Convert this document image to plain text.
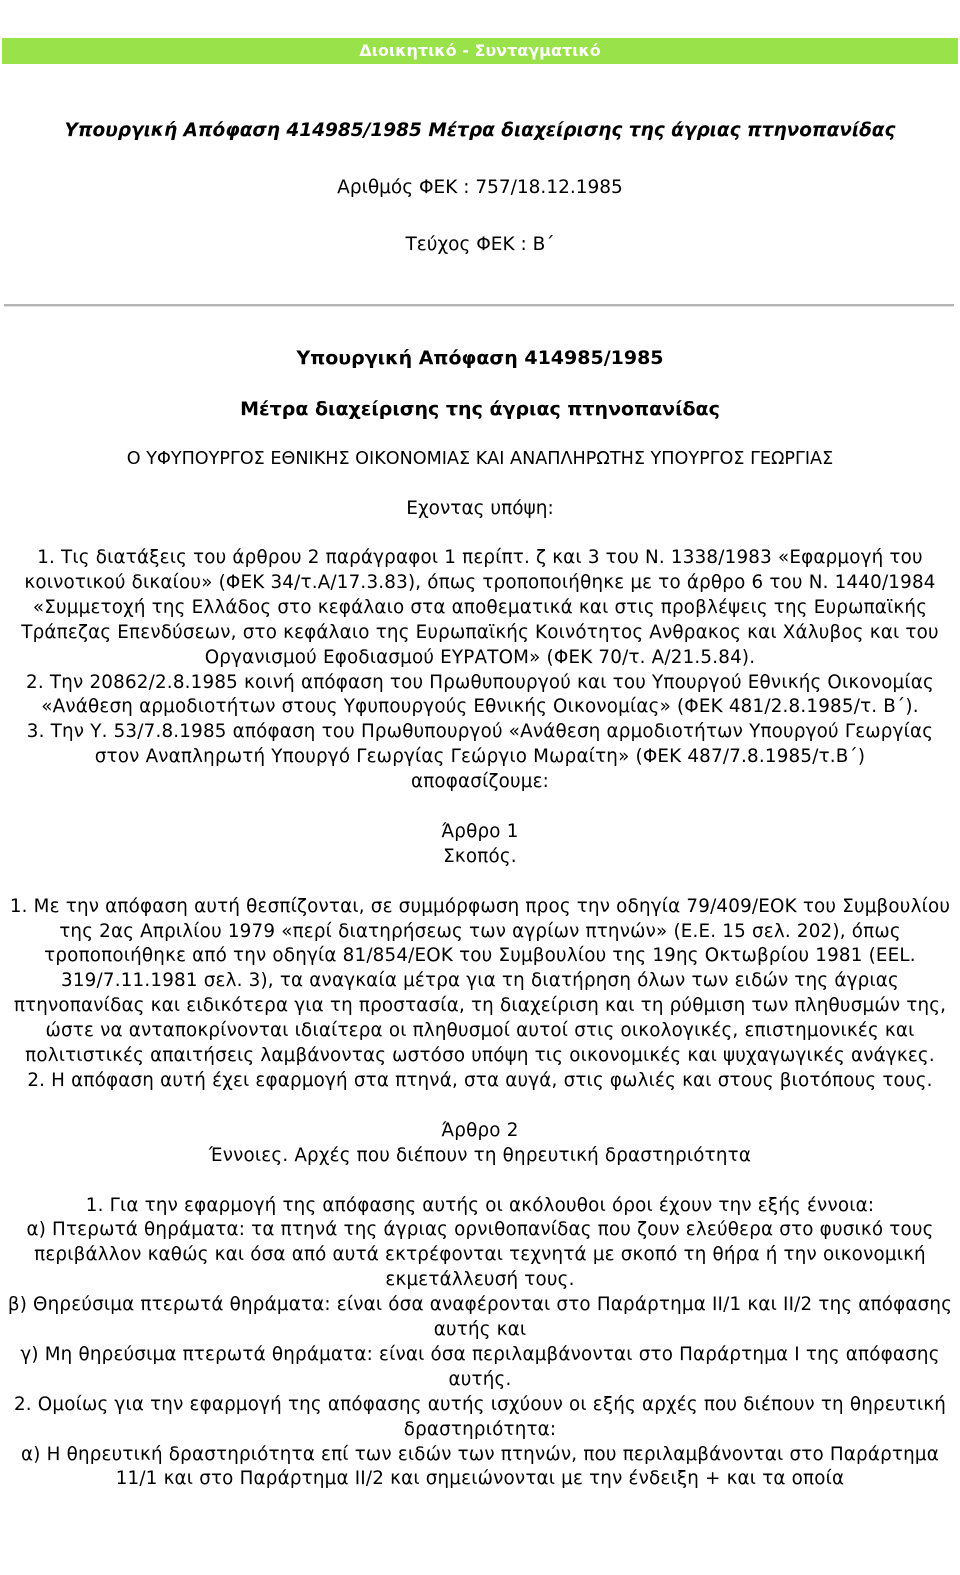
Διοικητικό - Συνταγματικό
Υπουργική Απόφαση 414985/1985 Μέτρα διαχείρισης της άγριας πτηνοπανίδας
Αριθμός ΦΕΚ : 757/18.12.1985
Τεύχος ΦΕΚ : Β΄
Υπουργική Απόφαση 414985/1985
Μέτρα διαχείρισης της άγριας πτηνοπανίδας
Ο ΥΦΥΠΟΥΡΓΟΣ ΕΘΝΙΚΗΣ ΟΙΚΟΝΟΜΙΑΣ ΚΑΙ ΑΝΑΠΛΗΡΩΤΗΣ ΥΠΟΥΡΓΟΣ ΓΕΩΡΓΙΑΣ
Εχοντας υπόψη:

1. Τις διατάξεις του άρθρου 2 παράγραφοι 1 περίπτ. ζ και 3 του Ν. 1338/1983 «Εφαρμογή του κοινοτικού δικαίου» (ΦΕΚ 34/τ.Α/17.3.83), όπως τροποποιήθηκε με το άρθρο 6 του Ν. 1440/1984 «Συμμετοχή της Ελλάδος στο κεφάλαιο στα αποθεματικά και στις προβλέψεις της Ευρωπαϊκής Τράπεζας Επενδύσεων, στο κεφάλαιο της Ευρωπαϊκής Κοινότητος Ανθρακος και Χάλυβος και του Οργανισμού Εφοδιασμού ΕΥΡΑΤΟΜ» (ΦΕΚ 70/τ. Α/21.5.84).

2. Την 20862/2.8.1985 κοινή απόφαση του Πρωθυπουργού και του Υπουργού Εθνικής Οικονομίας «Ανάθεση αρμοδιοτήτων στους Υφυπουργούς Εθνικής Οικονομίας» (ΦΕΚ 481/2.8.1985/τ. Β΄).

3. Την Υ. 53/7.8.1985 απόφαση του Πρωθυπουργού «Ανάθεση αρμοδιοτήτων Υπουργού Γεωργίας στον Αναπληρωτή Υπουργό Γεωργίας Γεώργιο Μωραίτη» (ΦΕΚ 487/7.8.1985/τ.Β΄)

αποφασίζουμε:

Άρθρο 1

Σκοπός.

1. Με την απόφαση αυτή θεσπίζονται, σε συμμόρφωση προς την οδηγία 79/409/ΕΟΚ του Συμβουλίου της 2ας Απριλίου 1979 «περί διατηρήσεως των αγρίων πτηνών» (Ε.Ε. 15 σελ. 202), όπως τροποποιήθηκε από την οδηγία 81/854/ΕΟΚ του Συμβουλίου της 19ης Οκτωβρίου 1981 (ΕΕL. 319/7.11.1981 σελ. 3), τα αναγκαία μέτρα για τη διατήρηση όλων των ειδών της άγριας πτηνοπανίδας και ειδικότερα για τη προστασία, τη διαχείριση και τη ρύθμιση των πληθυσμών της, ώστε να ανταποκρίνονται ιδιαίτερα οι πληθυσμοί αυτοί στις οικολογικές, επιστημονικές και πολιτιστικές απαιτήσεις λαμβάνοντας ωστόσο υπόψη τις οικονομικές και ψυχαγωγικές ανάγκες.

2. Η απόφαση αυτή έχει εφαρμογή στα πτηνά, στα αυγά, στις φωλιές και στους βιοτόπους τους.

Άρθρο 2

Έννοιες. Αρχές που διέπουν τη θηρευτική δραστηριότητα

1. Για την εφαρμογή της απόφασης αυτής οι ακόλουθοι όροι έχουν την εξής έννοια:

α) Πτερωτά θηράματα: τα πτηνά της άγριας ορνιθοπανίδας που ζουν ελεύθερα στο φυσικό τους περιβάλλον καθώς και όσα από αυτά εκτρέφονται τεχνητά με σκοπό τη θήρα ή την οικονομική εκμετάλλευσή τους.

β) Θηρεύσιμα πτερωτά θηράματα: είναι όσα αναφέρονται στο Παράρτημα ΙΙ/1 και ΙΙ/2 της απόφασης αυτής και

γ) Μη θηρεύσιμα πτερωτά θηράματα: είναι όσα περιλαμβάνονται στο Παράρτημα Ι της απόφασης αυτής.

2. Ομοίως για την εφαρμογή της απόφασης αυτής ισχύουν οι εξής αρχές που διέπουν τη θηρευτική δραστηριότητα:

α) Η θηρευτική δραστηριότητα επί των ειδών των πτηνών, που περιλαμβάνονται στο Παράρτημα 11/1 και στο Παράρτημα ΙΙ/2 και σημειώνονται με την ένδειξη + και τα οποία
